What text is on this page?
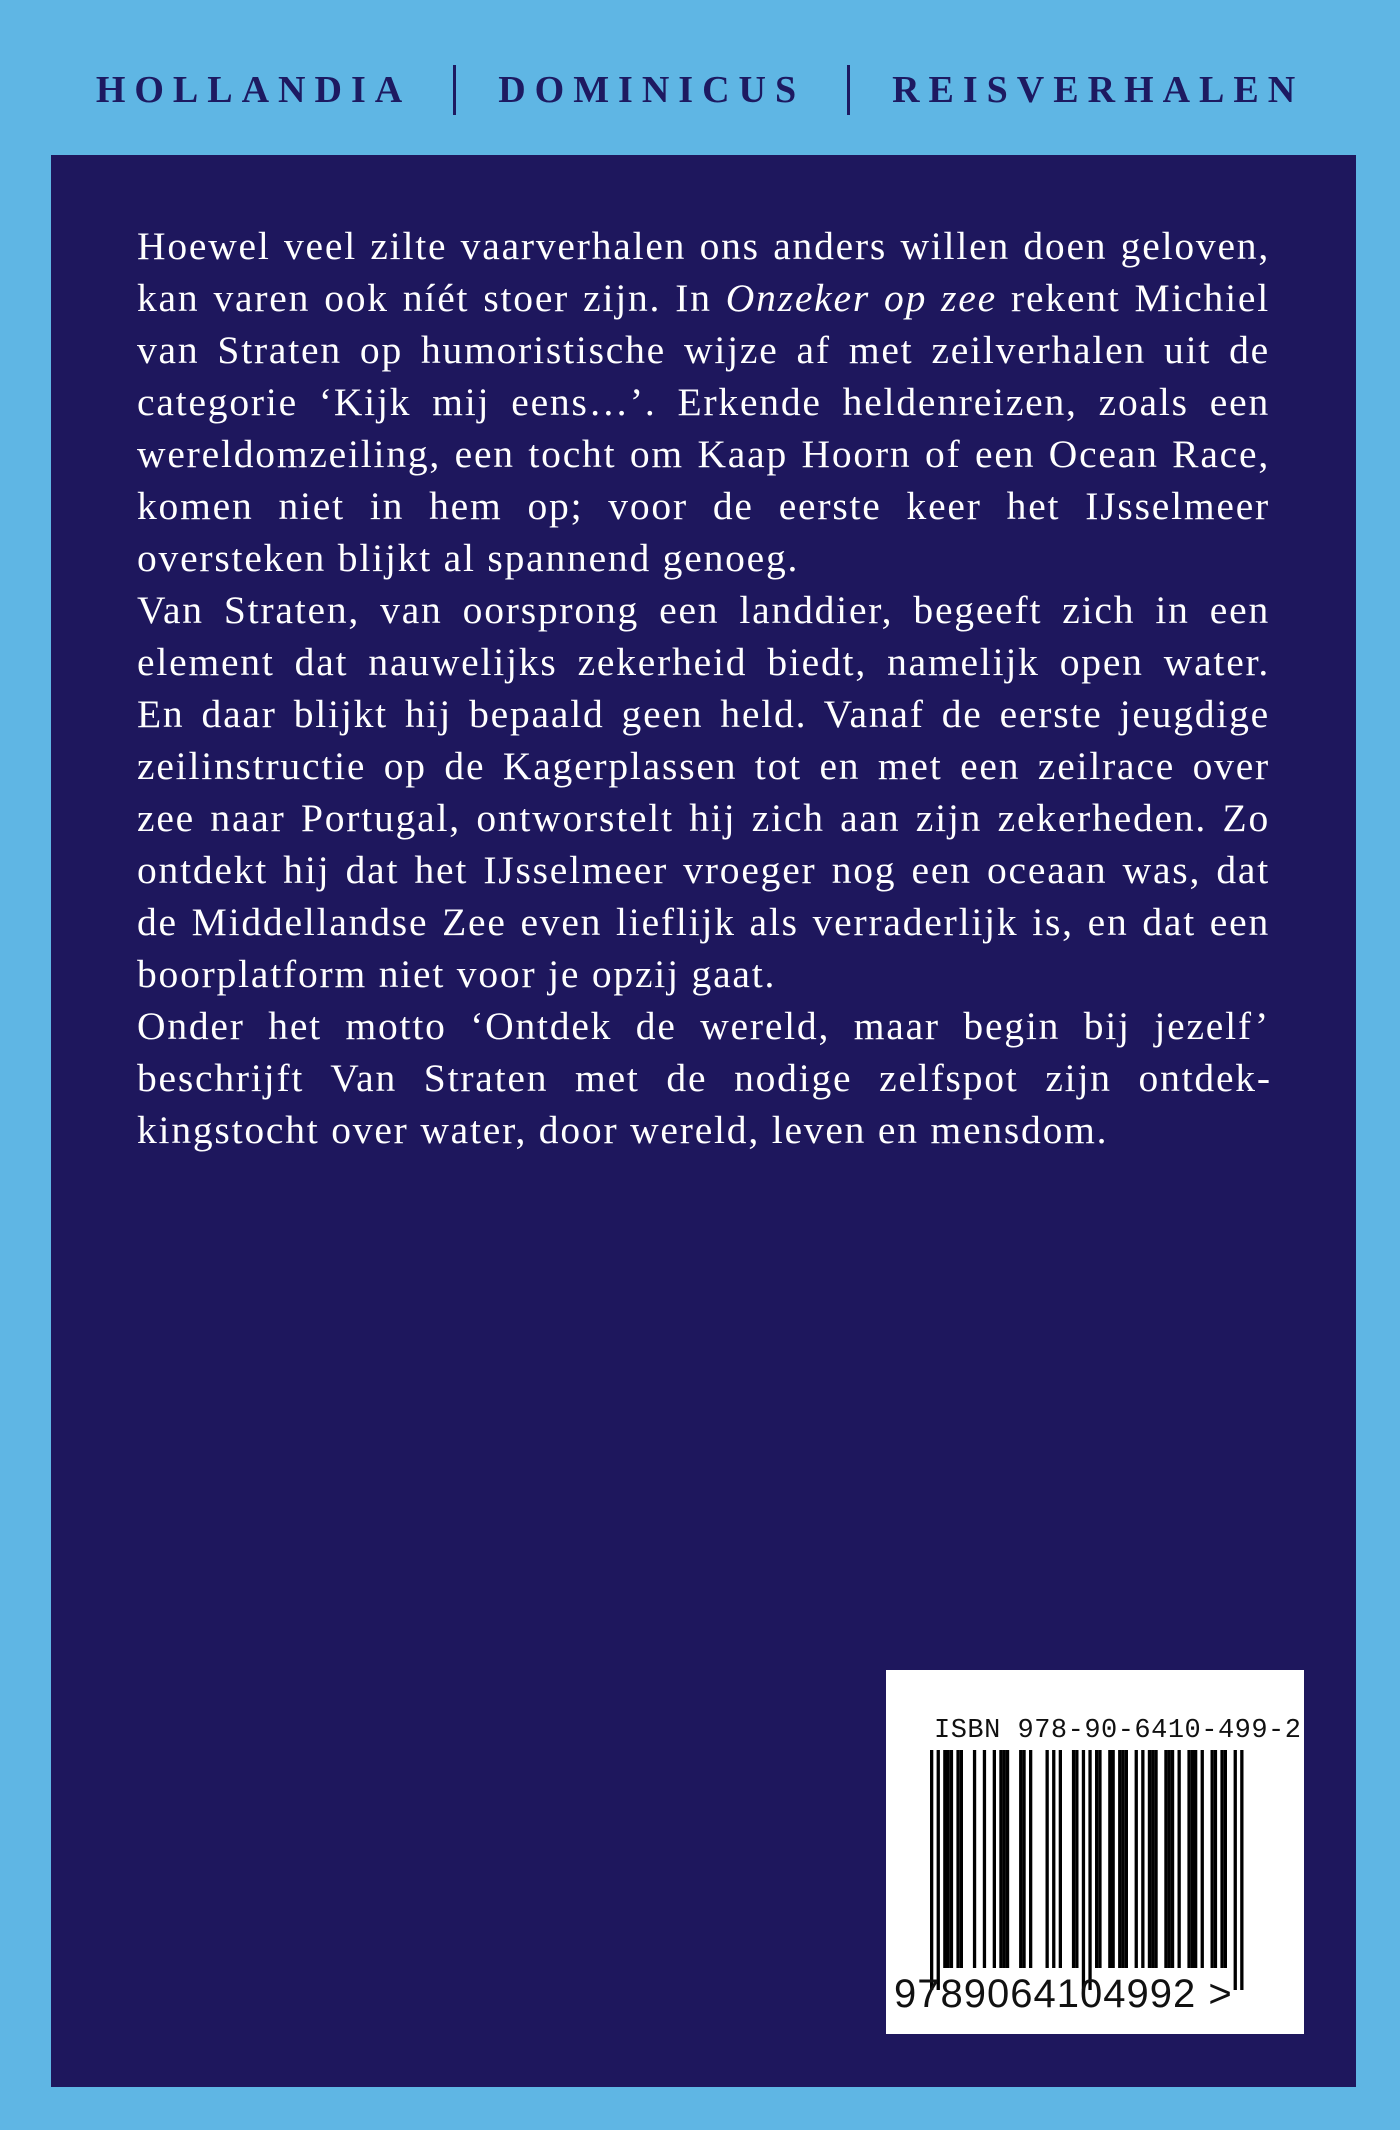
HOLLANDIA DOMINICUS REISVERHALEN

Hoewel veel zilte vaarverhalen ons anders willen doen geloven, kan varen ook níét stoer zijn. In Onzeker op zee rekent Michiel van Straten op humoristische wijze af met zeilverhalen uit de categorie ‘Kijk mij eens…’. Erkende heldenreizen, zoals een wereldomzeiling, een tocht om Kaap Hoorn of een Ocean Race, komen niet in hem op; voor de eerste keer het IJsselmeer oversteken blijkt al spannend genoeg.

Van Straten, van oorsprong een landdier, begeeft zich in een element dat nauwelijks zekerheid biedt, namelijk open water. En daar blijkt hij bepaald geen held. Vanaf de eerste jeugdige zeilinstructie op de Kagerplassen tot en met een zeilrace over zee naar Portugal, ontworstelt hij zich aan zijn zekerheden. Zo ontdekt hij dat het IJsselmeer vroeger nog een oceaan was, dat de Middellandse Zee even lieflijk als verraderlijk is, en dat een boorplatform niet voor je opzij gaat.

Onder het motto ‘Ontdek de wereld, maar begin bij jezelf’ beschrijft Van Straten met de nodige zelfspot zijn ontdekkingstocht over water, door wereld, leven en mensdom.

ISBN 978-90-6410-499-2
9789064104992 >
